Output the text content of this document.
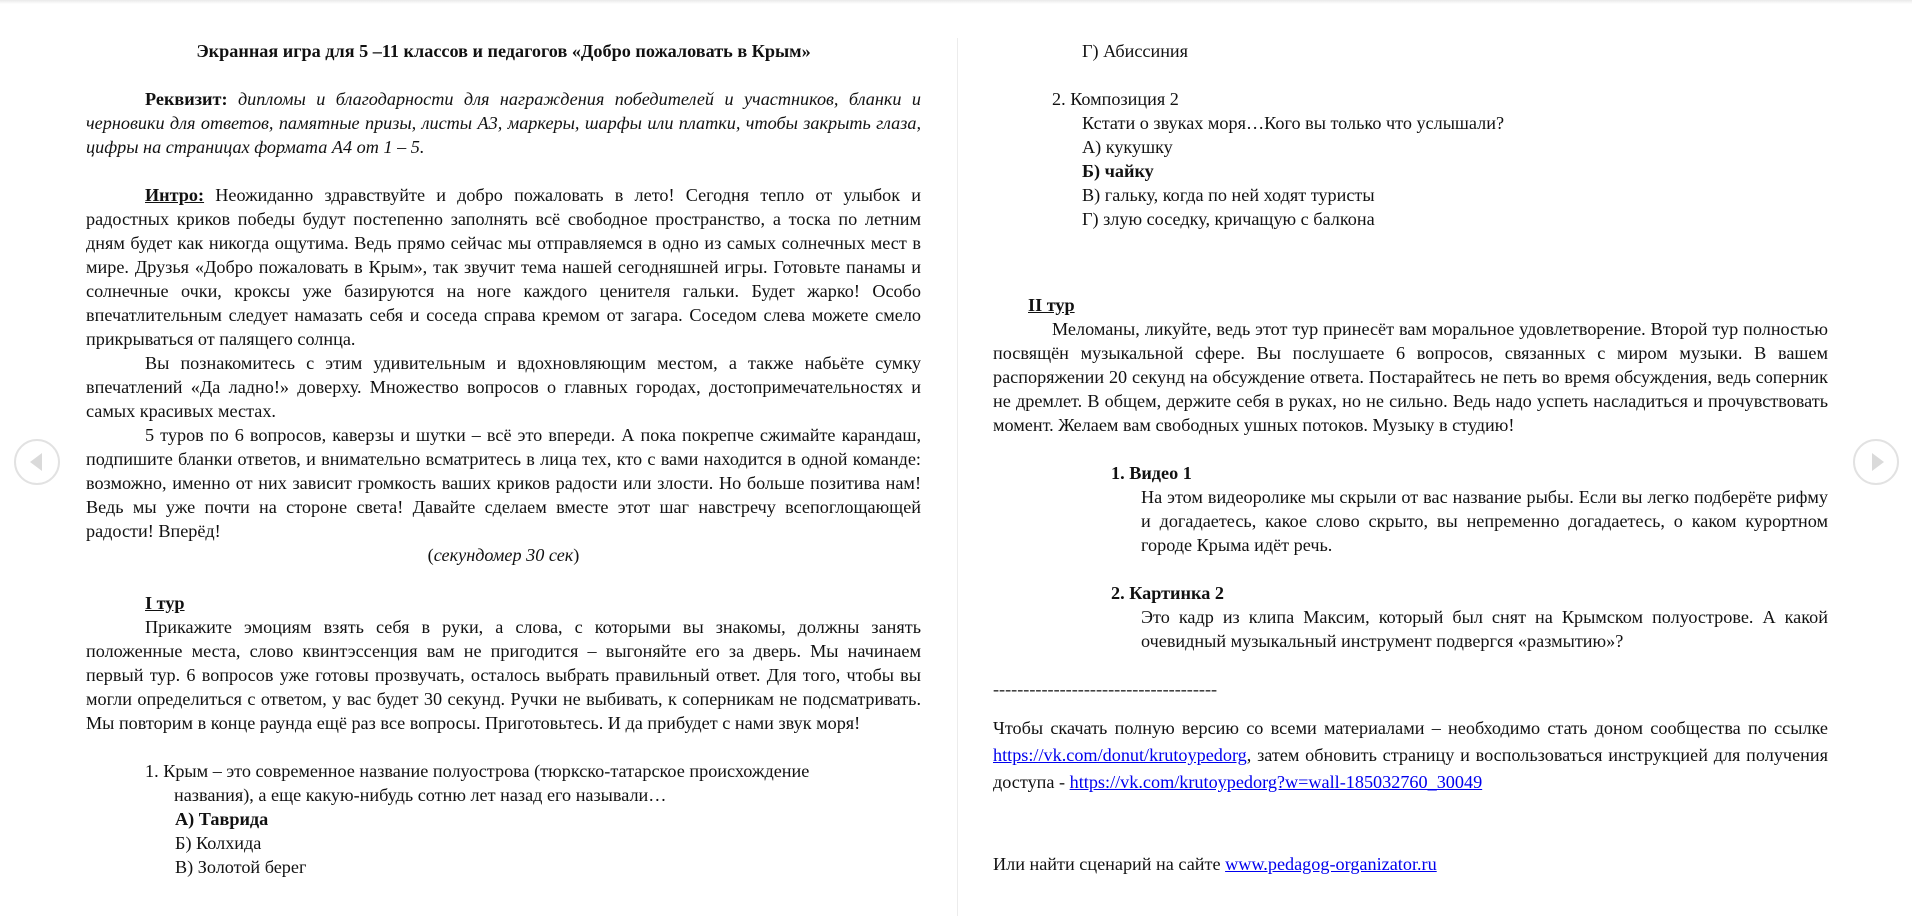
Экранная игра для 5 –11 классов и педагогов «Добро пожаловать в Крым»

Реквизит: дипломы и благодарности для награждения победителей и участников, бланки и черновики для ответов, памятные призы, листы А3, маркеры, шарфы или платки, чтобы закрыть глаза, цифры на страницах формата А4 от 1 – 5.

Интро: Неожиданно здравствуйте и добро пожаловать в лето! Сегодня тепло от улыбок и радостных криков победы будут постепенно заполнять всё свободное пространство, а тоска по летним дням будет как никогда ощутима. Ведь прямо сейчас мы отправляемся в одно из самых солнечных мест в мире. Друзья «Добро пожаловать в Крым», так звучит тема нашей сегодняшней игры. Готовьте панамы и солнечные очки, кроксы уже базируются на ноге каждого ценителя гальки. Будет жарко! Особо впечатлительным следует намазать себя и соседа справа кремом от загара. Соседом слева можете смело прикрываться от палящего солнца.

Вы познакомитесь с этим удивительным и вдохновляющим местом, а также набьёте сумку впечатлений «Да ладно!» доверху. Множество вопросов о главных городах, достопримечательностях и самых красивых местах.

5 туров по 6 вопросов, каверзы и шутки – всё это впереди. А пока покрепче сжимайте карандаш, подпишите бланки ответов, и внимательно всматритесь в лица тех, кто с вами находится в одной команде: возможно, именно от них зависит громкость ваших криков радости или злости. Но больше позитива нам! Ведь мы уже почти на стороне света! Давайте сделаем вместе этот шаг навстречу всепоглощающей радости! Вперёд!

(секундомер 30 сек)

I тур

Прикажите эмоциям взять себя в руки, а слова, с которыми вы знакомы, должны занять положенные места, слово квинтэссенция вам не пригодится – выгоняйте его за дверь. Мы начинаем первый тур. 6 вопросов уже готовы прозвучать, осталось выбрать правильный ответ. Для того, чтобы вы могли определиться с ответом, у вас будет 30 секунд. Ручки не выбивать, к соперникам не подсматривать. Мы повторим в конце раунда ещё раз все вопросы. Приготовьтесь. И да прибудет с нами звук моря!

1. Крым – это современное название полуострова (тюркско-татарское происхождение

названия), а еще какую-нибудь сотню лет назад его называли…

А) Таврида

Б) Колхида

В) Золотой берег

Г) Абиссиния

2. Композиция 2

Кстати о звуках моря…Кого вы только что услышали?

А) кукушку

Б) чайку

В) гальку, когда по ней ходят туристы

Г) злую соседку, кричащую с балкона

II тур

Меломаны, ликуйте, ведь этот тур принесёт вам моральное удовлетворение. Второй тур полностью посвящён музыкальной сфере. Вы послушаете 6 вопросов, связанных с миром музыки. В вашем распоряжении 20 секунд на обсуждение ответа. Постарайтесь не петь во время обсуждения, ведь соперник не дремлет. В общем, держите себя в руках, но не сильно. Ведь надо успеть насладиться и прочувствовать момент. Желаем вам свободных ушных потоков. Музыку в студию!

1. Видео 1

На этом видеоролике мы скрыли от вас название рыбы. Если вы легко подберёте рифму и догадаетесь, какое слово скрыто, вы непременно догадаетесь, о каком курортном городе Крыма идёт речь.

2. Картинка 2

Это кадр из клипа Максим, который был снят на Крымском полуострове. А какой очевидный музыкальный инструмент подвергся «размытию»?

-------------------------------------

Чтобы скачать полную версию со всеми материалами – необходимо стать доном сообщества по ссылке https://vk.com/donut/krutoypedorg, затем обновить страницу и воспользоваться инструкцией для получения доступа - https://vk.com/krutoypedorg?w=wall-185032760_30049

Или найти сценарий на сайте www.pedagog-organizator.ru
